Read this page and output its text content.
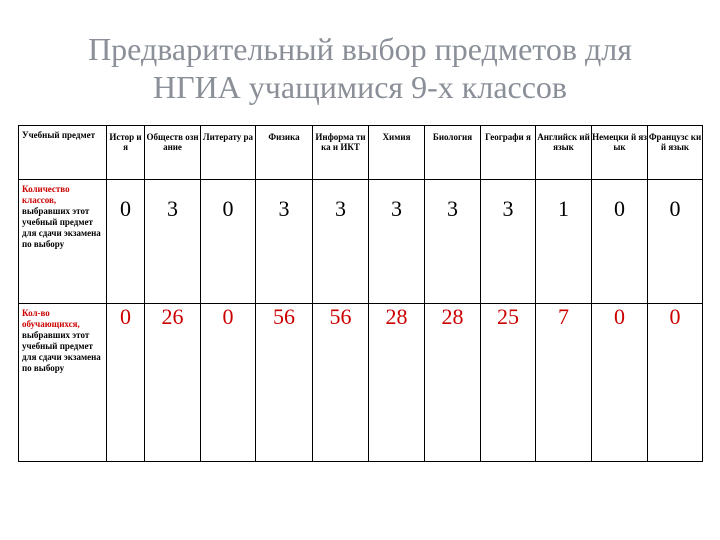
Предварительный выбор предметов для
НГИА учащимися 9-х классов
Учебный предмет	Истор ия	Обществ ознание	Литерату ра	Физика	Информа тика и ИКТ	Химия	Биология	Географи я	Английск ий язык	Немецки й язык	Французс кий язык
Количество классов, выбравших этот учебный предмет для сдачи экзамена по выбору	0	3	0	3	3	3	3	3	1	0	0
Кол-во обучающихся, выбравших этот учебный предмет для сдачи экзамена по выбору	0	26	0	56	56	28	28	25	7	0	0
